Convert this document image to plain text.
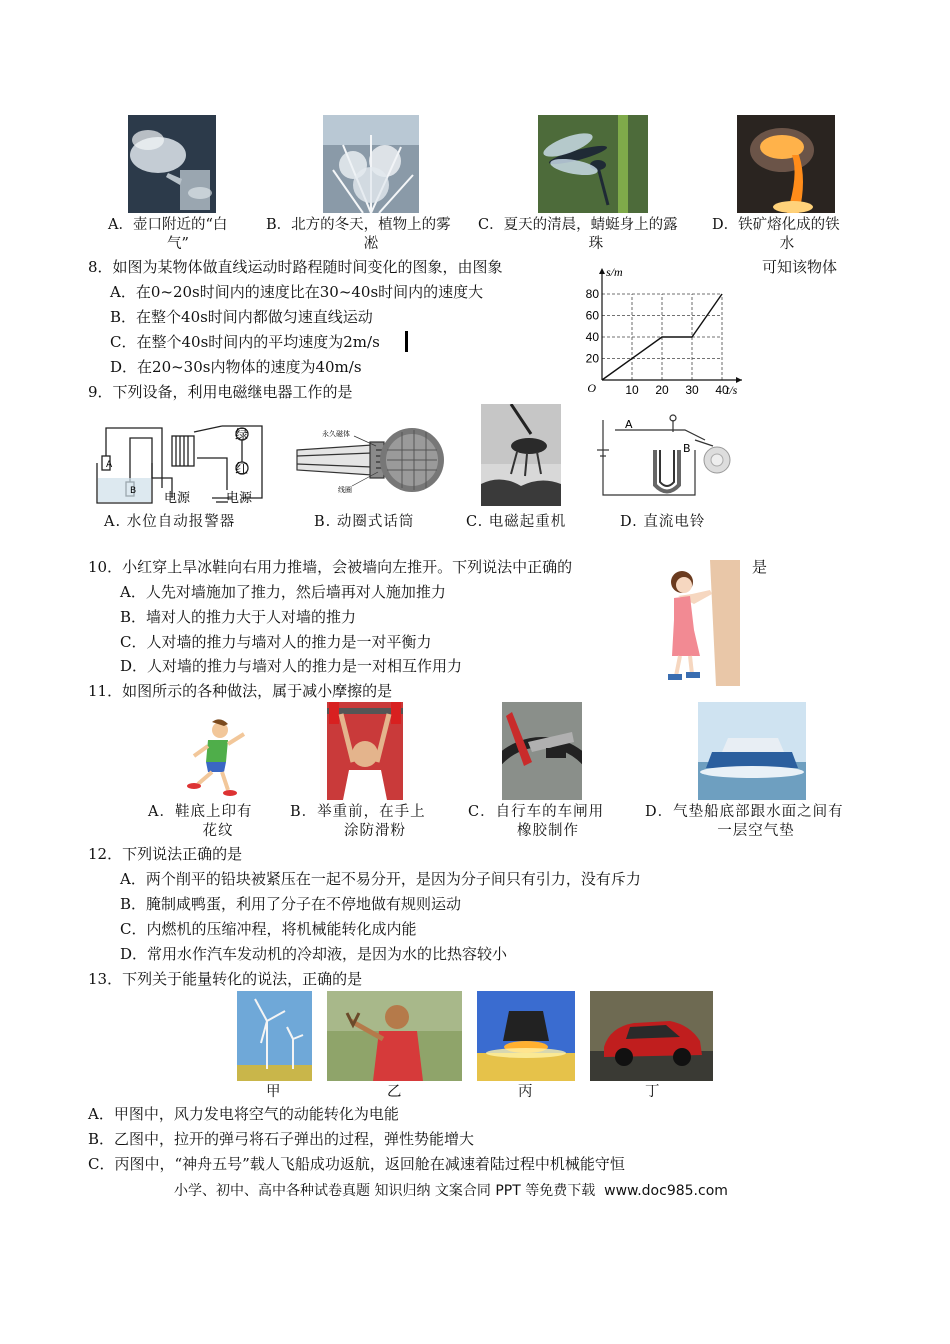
A．壶口附近的“白
气”
B．北方的冬天，植物上的雾
凇
C．夏天的清晨，蜻蜓身上的露
珠
D．铁矿熔化成的铁
水
8．如图为某物体做直线运动时路程随时间变化的图象，由图象	可知该物体
A．在0~20s时间内的速度比在30~40s时间内的速度大
B．在整个40s时间内都做匀速直线运动
C．在整个40s时间内的平均速度为2m/s
D．在20~30s内物体的速度为40m/s
10 20 30 40
20
40
60
80
O
s/m
t/s
9．下列设备，利用电磁继电器工作的是
A
B
绿
红
电源	电源
A. 水位自动报警器
永久磁体
线圈
B. 动圈式话筒	C. 电磁起重机
A
B
D. 直流电铃
10．小红穿上旱冰鞋向右用力推墙，会被墙向左推开。下列说法中正确的	是
A．人先对墙施加了推力，然后墙再对人施加推力
B．墙对人的推力大于人对墙的推力
C．人对墙的推力与墙对人的推力是一对平衡力
D．人对墙的推力与墙对人的推力是一对相互作用力
11．如图所示的各种做法，属于减小摩擦的是
A．鞋底上印有
花纹
B．举重前，在手上
涂防滑粉
C．自行车的车闸用
橡胶制作
D．气垫船底部跟水面之间有
一层空气垫
12．下列说法正确的是
A．两个削平的铅块被紧压在一起不易分开，是因为分子间只有引力，没有斥力
B．腌制咸鸭蛋，利用了分子在不停地做有规则运动
C．内燃机的压缩冲程，将机械能转化成内能
D．常用水作汽车发动机的冷却液，是因为水的比热容较小
13．下列关于能量转化的说法，正确的是
甲	乙	丙	丁
A．甲图中，风力发电将空气的动能转化为电能
B．乙图中，拉开的弹弓将石子弹出的过程，弹性势能增大
C．丙图中，“神舟五号”载人飞船成功返航，返回舱在减速着陆过程中机械能守恒
小学、初中、高中各种试卷真题 知识归纳 文案合同 PPT 等免费下载 www.doc985.com
